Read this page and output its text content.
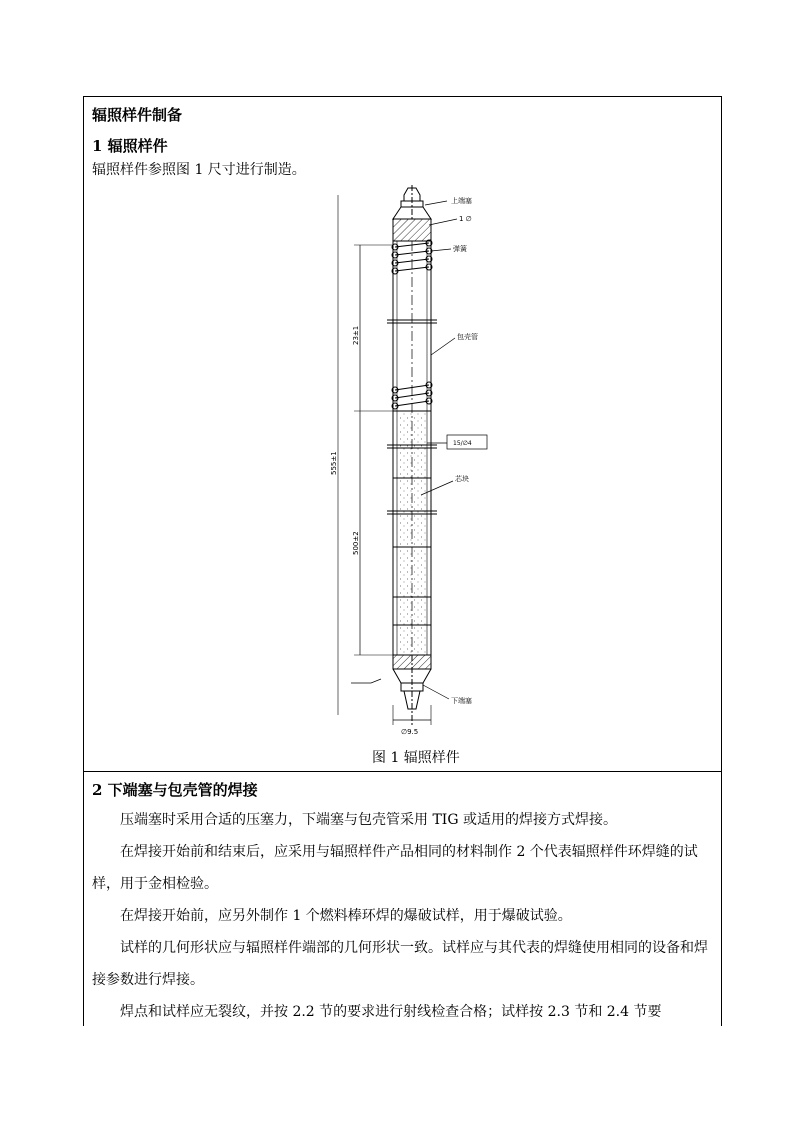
辐照样件制备
1 辐照样件
辐照样件参照图 1 尺寸进行制造。
上端塞
1 ∅
弹簧
包壳管
15/∅4
芯块
下端塞
∅9.5
23±1
555±1
500±2
图 1 辐照样件
2 下端塞与包壳管的焊接
压端塞时采用合适的压塞力，下端塞与包壳管采用 TIG 或适用的焊接方式焊接。
在焊接开始前和结束后，应采用与辐照样件产品相同的材料制作 2 个代表辐照样件环焊缝的试样，用于金相检验。
在焊接开始前，应另外制作 1 个燃料棒环焊的爆破试样，用于爆破试验。
试样的几何形状应与辐照样件端部的几何形状一致。试样应与其代表的焊缝使用相同的设备和焊接参数进行焊接。
焊点和试样应无裂纹，并按 2.2 节的要求进行射线检查合格；试样按 2.3 节和 2.4 节要
